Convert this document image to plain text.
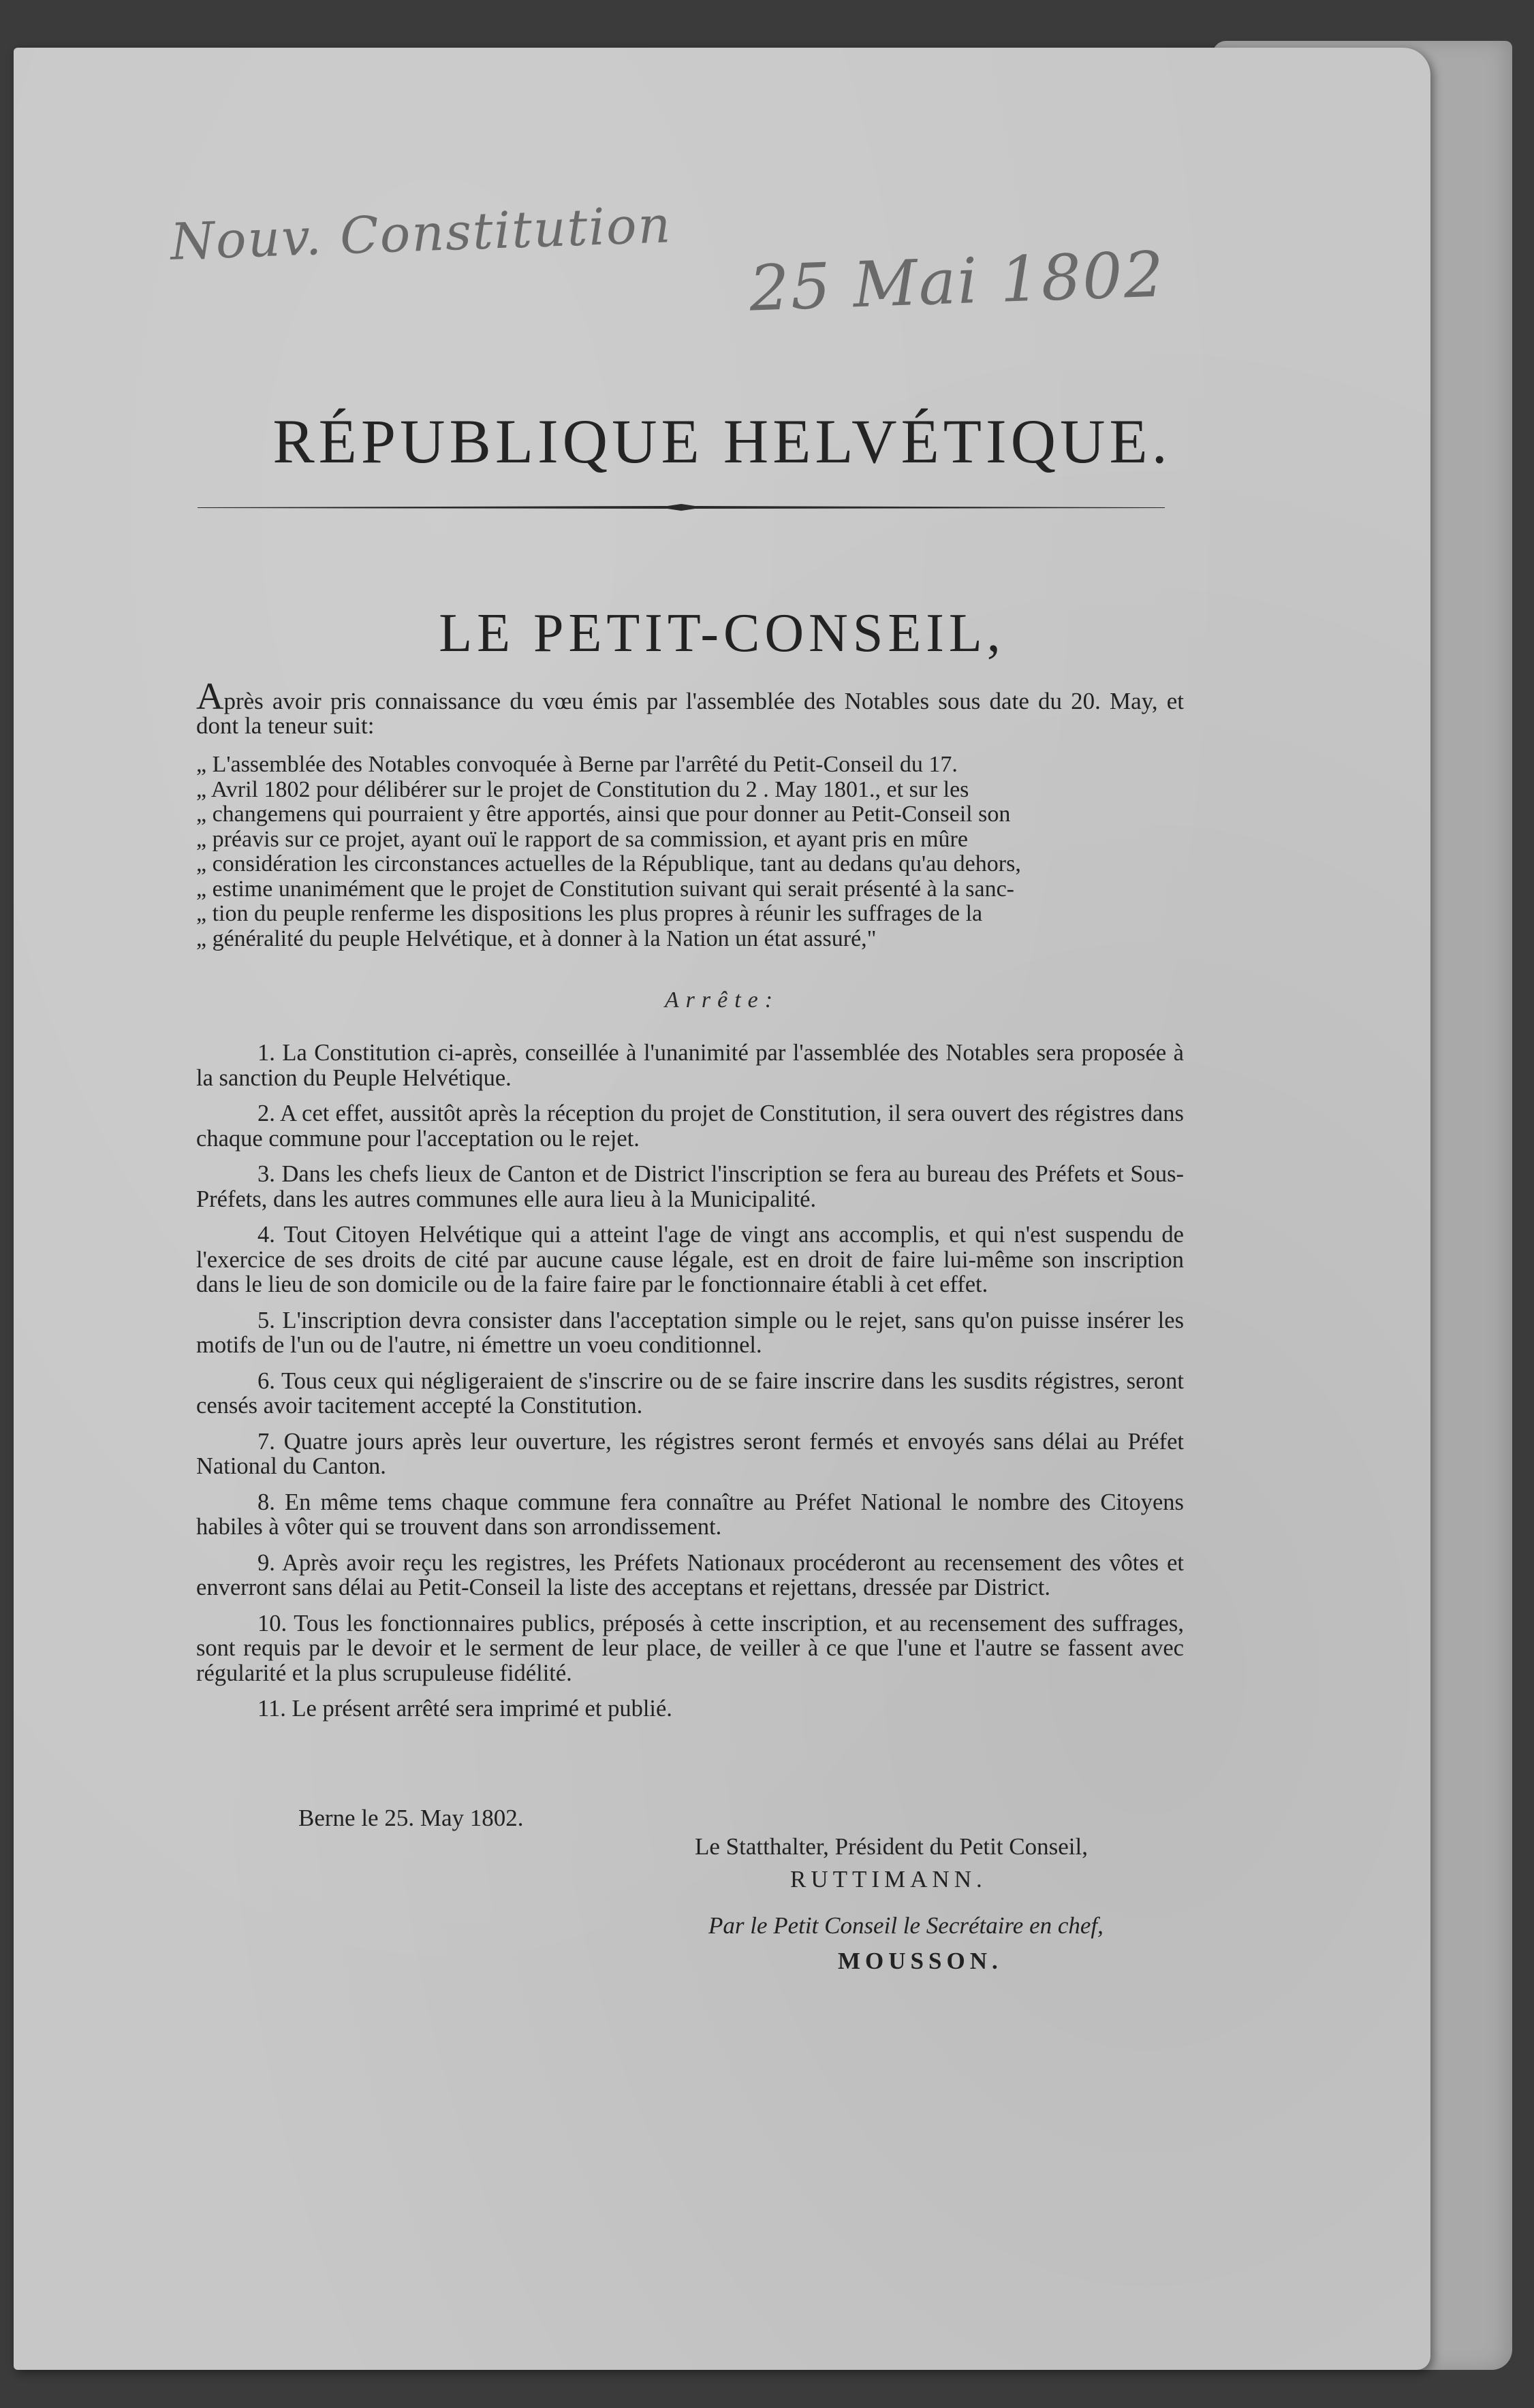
Nouv. Constitution
25 Mai 1802
RÉPUBLIQUE HELVÉTIQUE.
LE PETIT-CONSEIL,

Après avoir pris connaissance du vœu émis par l'assemblée des Notables sous date du 20. May, et dont la teneur suit:

„ L'assemblée des Notables convoquée à Berne par l'arrêté du Petit-Conseil du 17.
„ Avril 1802 pour délibérer sur le projet de Constitution du 2 . May 1801., et sur les
„ changemens qui pourraient y être apportés, ainsi que pour donner au Petit-Conseil son
„ préavis sur ce projet, ayant ouï le rapport de sa commission, et ayant pris en mûre
„ considération les circonstances actuelles de la République, tant au dedans qu'au dehors,
„ estime unanimément que le projet de Constitution suivant qui serait présenté à la sanc-
„ tion du peuple renferme les dispositions les plus propres à réunir les suffrages de la
„ généralité du peuple Helvétique, et à donner à la Nation un état assuré,"
Arrête:

1. La Constitution ci-après, conseillée à l'unanimité par l'assemblée des Notables sera proposée à la sanction du Peuple Helvétique.

2. A cet effet, aussitôt après la réception du projet de Constitution, il sera ouvert des régistres dans chaque commune pour l'acceptation ou le rejet.

3. Dans les chefs lieux de Canton et de District l'inscription se fera au bureau des Préfets et Sous-Préfets, dans les autres communes elle aura lieu à la Municipalité.

4. Tout Citoyen Helvétique qui a atteint l'age de vingt ans accomplis, et qui n'est suspendu de l'exercice de ses droits de cité par aucune cause légale, est en droit de faire lui-même son inscription dans le lieu de son domicile ou de la faire faire par le fonctionnaire établi à cet effet.

5. L'inscription devra consister dans l'acceptation simple ou le rejet, sans qu'on puisse insérer les motifs de l'un ou de l'autre, ni émettre un voeu conditionnel.

6. Tous ceux qui négligeraient de s'inscrire ou de se faire inscrire dans les susdits régistres, seront censés avoir tacitement accepté la Constitution.

7. Quatre jours après leur ouverture, les régistres seront fermés et envoyés sans délai au Préfet National du Canton.

8. En même tems chaque commune fera connaître au Préfet National le nombre des Citoyens habiles à vôter qui se trouvent dans son arrondissement.

9. Après avoir reçu les registres, les Préfets Nationaux procéderont au recensement des vôtes et enverront sans délai au Petit-Conseil la liste des acceptans et rejettans, dressée par District.

10. Tous les fonctionnaires publics, préposés à cette inscription, et au recensement des suffrages, sont requis par le devoir et le serment de leur place, de veiller à ce que l'une et l'autre se fassent avec régularité et la plus scrupuleuse fidélité.

11. Le présent arrêté sera imprimé et publié.

Berne le 25. May 1802.
Le Statthalter, Président du Petit Conseil,
RUTTIMANN.
Par le Petit Conseil le Secrétaire en chef,
MOUSSON.
